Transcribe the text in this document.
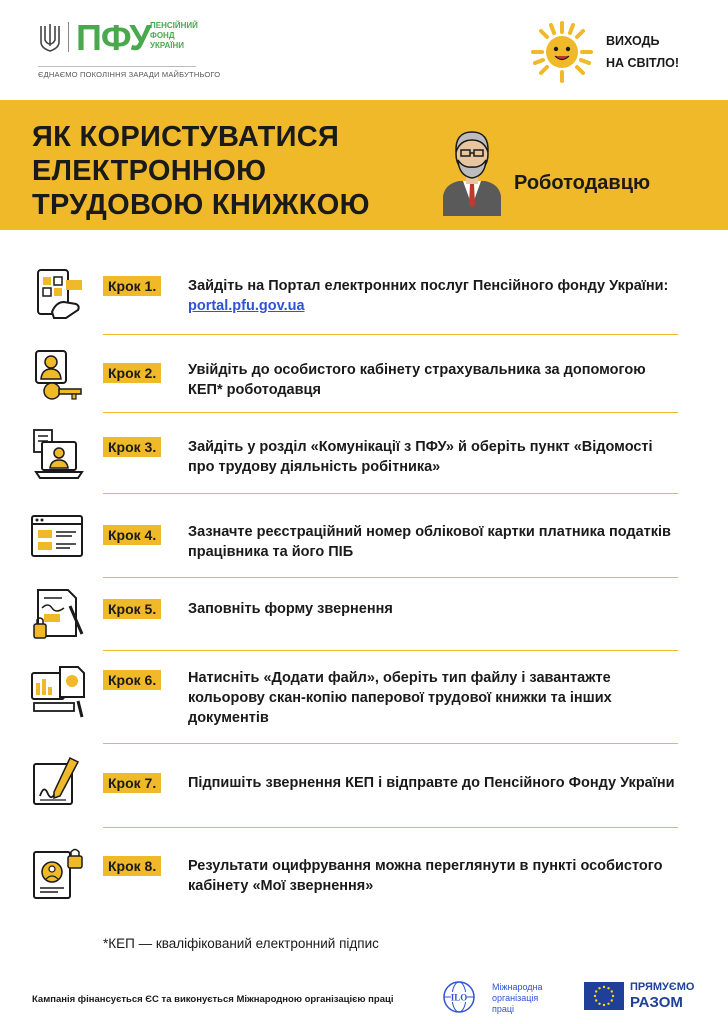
ПФУ ПЕНСІЙНИЙ
ФОНД
УКРАЇНИ
ЄДНАЄМО ПОКОЛІННЯ ЗАРАДИ МАЙБУТНЬОГО
ВИХОДЬ
НА СВІТЛО!
ЯК КОРИСТУВАТИСЯ
ЕЛЕКТРОННОЮ
ТРУДОВОЮ КНИЖКОЮ
Роботодавцю
Крок 1.	Зайдіть на Портал електронних послуг Пенсійного фонду України: portal.pfu.gov.ua
Крок 2.	Увійдіть до особистого кабінету страхувальника за допомогою КЕП* роботодавця
Крок 3.	Зайдіть у розділ «Комунікації з ПФУ» й оберіть пункт «Відомості про трудову діяльність робітника»
Крок 4.	Зазначте реєстраційний номер облікової картки платника податків працівника та його ПІБ
Крок 5.	Заповніть форму звернення
Крок 6.	Натисніть «Додати файл», оберіть тип файлу і завантажте кольорову скан-копію паперової трудової книжки та інших документів
Крок 7.	Підпишіть звернення КЕП і відправте до Пенсійного Фонду України
Крок 8.	Результати оцифрування можна переглянути в пункті особистого кабінету «Мої звернення»
*КЕП — кваліфікований електронний підпис
Кампанія фінансується ЄС та виконується Міжнародною організацією праці	ILO
Міжнародна
організація
праці
ПРЯМУЄМО
РАЗОМ
